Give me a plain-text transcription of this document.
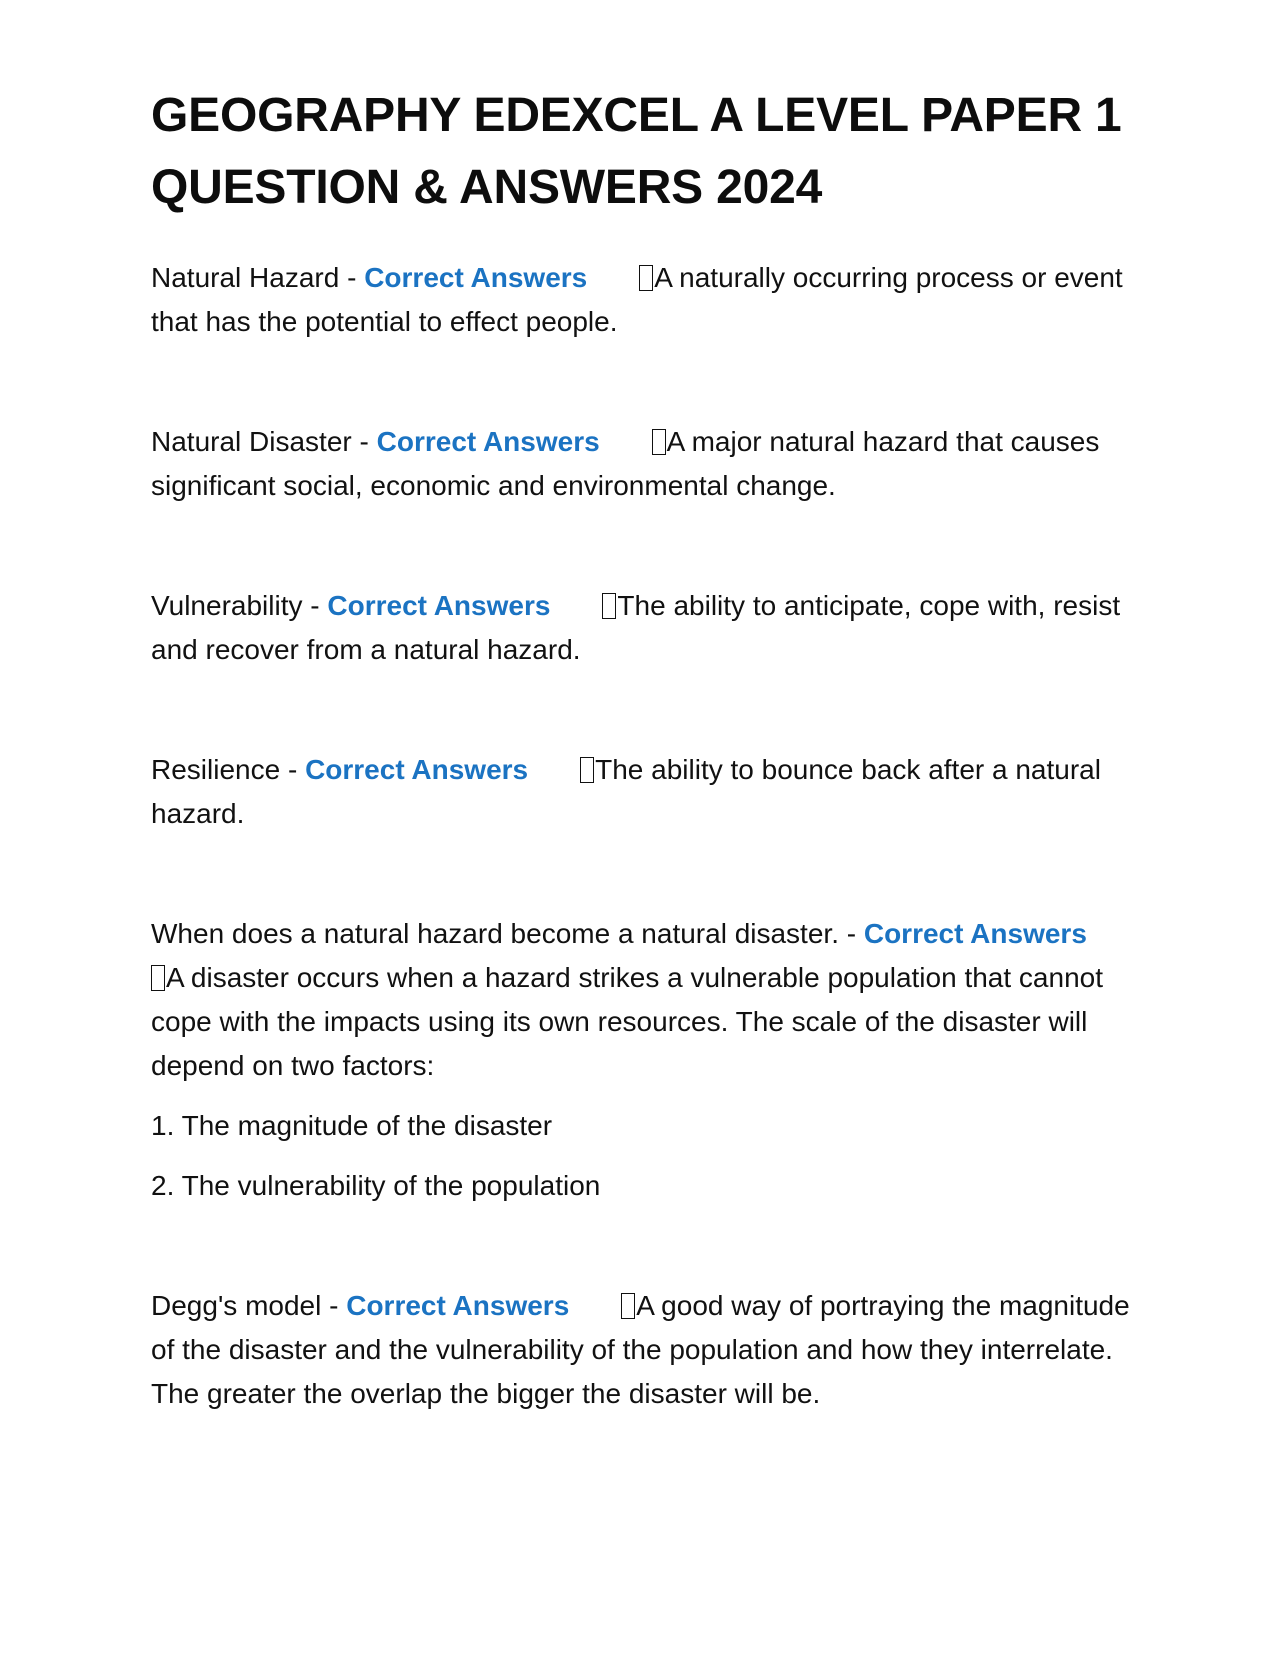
GEOGRAPHY EDEXCEL A LEVEL PAPER 1
QUESTION & ANSWERS 2024

Natural Hazard - Correct Answers A naturally occurring process or event that has the potential to effect people.

Natural Disaster - Correct Answers A major natural hazard that causes significant social, economic and environmental change.

Vulnerability - Correct Answers The ability to anticipate, cope with, resist and recover from a natural hazard.

Resilience - Correct Answers The ability to bounce back after a natural hazard.

When does a natural hazard become a natural disaster. - Correct AnswersA disaster occurs when a hazard strikes a vulnerable population that cannot cope with the impacts using its own resources. The scale of the disaster will depend on two factors:

1. The magnitude of the disaster

2. The vulnerability of the population

Degg's model - Correct Answers A good way of portraying the magnitude of the disaster and the vulnerability of the population and how they interrelate. The greater the overlap the bigger the disaster will be.
